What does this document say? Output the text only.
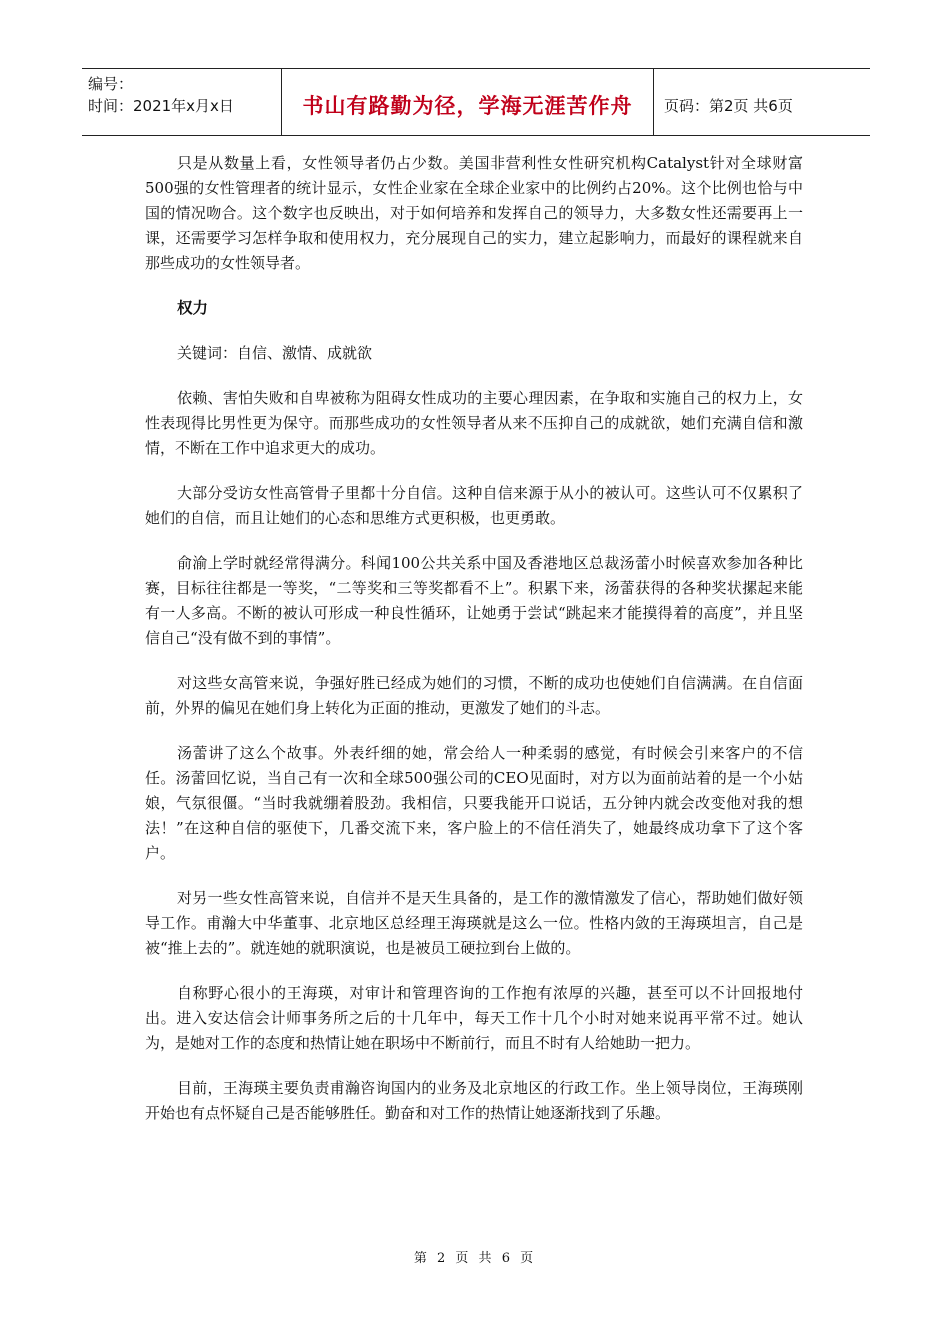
编号：
时间：2021年x月x日	书山有路勤为径，学海无涯苦作舟	页码：第2页 共6页

只是从数量上看，女性领导者仍占少数。美国非营利性女性研究机构Catalyst针对全球财富500强的女性管理者的统计显示，女性企业家在全球企业家中的比例约占20%。这个比例也恰与中国的情况吻合。这个数字也反映出，对于如何培养和发挥自己的领导力，大多数女性还需要再上一课，还需要学习怎样争取和使用权力，充分展现自己的实力，建立起影响力，而最好的课程就来自那些成功的女性领导者。

权力

关键词：自信、激情、成就欲

依赖、害怕失败和自卑被称为阻碍女性成功的主要心理因素，在争取和实施自己的权力上，女性表现得比男性更为保守。而那些成功的女性领导者从来不压抑自己的成就欲，她们充满自信和激情，不断在工作中追求更大的成功。

大部分受访女性高管骨子里都十分自信。这种自信来源于从小的被认可。这些认可不仅累积了她们的自信，而且让她们的心态和思维方式更积极，也更勇敢。

俞渝上学时就经常得满分。科闻100公共关系中国及香港地区总裁汤蕾小时候喜欢参加各种比赛，目标往往都是一等奖，“二等奖和三等奖都看不上”。积累下来，汤蕾获得的各种奖状摞起来能有一人多高。不断的被认可形成一种良性循环，让她勇于尝试“跳起来才能摸得着的高度”，并且坚信自己“没有做不到的事情”。

对这些女高管来说，争强好胜已经成为她们的习惯，不断的成功也使她们自信满满。在自信面前，外界的偏见在她们身上转化为正面的推动，更激发了她们的斗志。

汤蕾讲了这么个故事。外表纤细的她，常会给人一种柔弱的感觉，有时候会引来客户的不信任。汤蕾回忆说，当自己有一次和全球500强公司的CEO见面时，对方以为面前站着的是一个小姑娘，气氛很僵。“当时我就绷着股劲。我相信，只要我能开口说话，五分钟内就会改变他对我的想法！”在这种自信的驱使下，几番交流下来，客户脸上的不信任消失了，她最终成功拿下了这个客户。

对另一些女性高管来说，自信并不是天生具备的，是工作的激情激发了信心，帮助她们做好领导工作。甫瀚大中华董事、北京地区总经理王海瑛就是这么一位。性格内敛的王海瑛坦言，自己是被“推上去的”。就连她的就职演说，也是被员工硬拉到台上做的。

自称野心很小的王海瑛，对审计和管理咨询的工作抱有浓厚的兴趣，甚至可以不计回报地付出。进入安达信会计师事务所之后的十几年中，每天工作十几个小时对她来说再平常不过。她认为，是她对工作的态度和热情让她在职场中不断前行，而且不时有人给她助一把力。

目前，王海瑛主要负责甫瀚咨询国内的业务及北京地区的行政工作。坐上领导岗位，王海瑛刚开始也有点怀疑自己是否能够胜任。勤奋和对工作的热情让她逐渐找到了乐趣。

第 2 页 共 6 页
